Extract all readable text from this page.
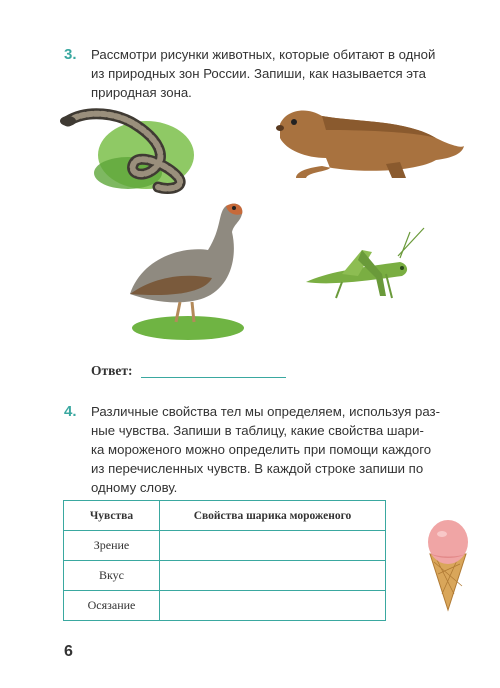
3. Рассмотри рисунки животных, которые обитают в одной
из природных зон России. Запиши, как называется эта
природная зона.
Ответ:
4. Различные свойства тел мы определяем, используя раз-
ные чувства. Запиши в таблицу, какие свойства шари-
ка мороженого можно определить при помощи каждого
из перечисленных чувств. В каждой строке запиши по
одному слову.
Чувства	Свойства шарика мороженого
Зрение	
Вкус	
Осязание	
6
